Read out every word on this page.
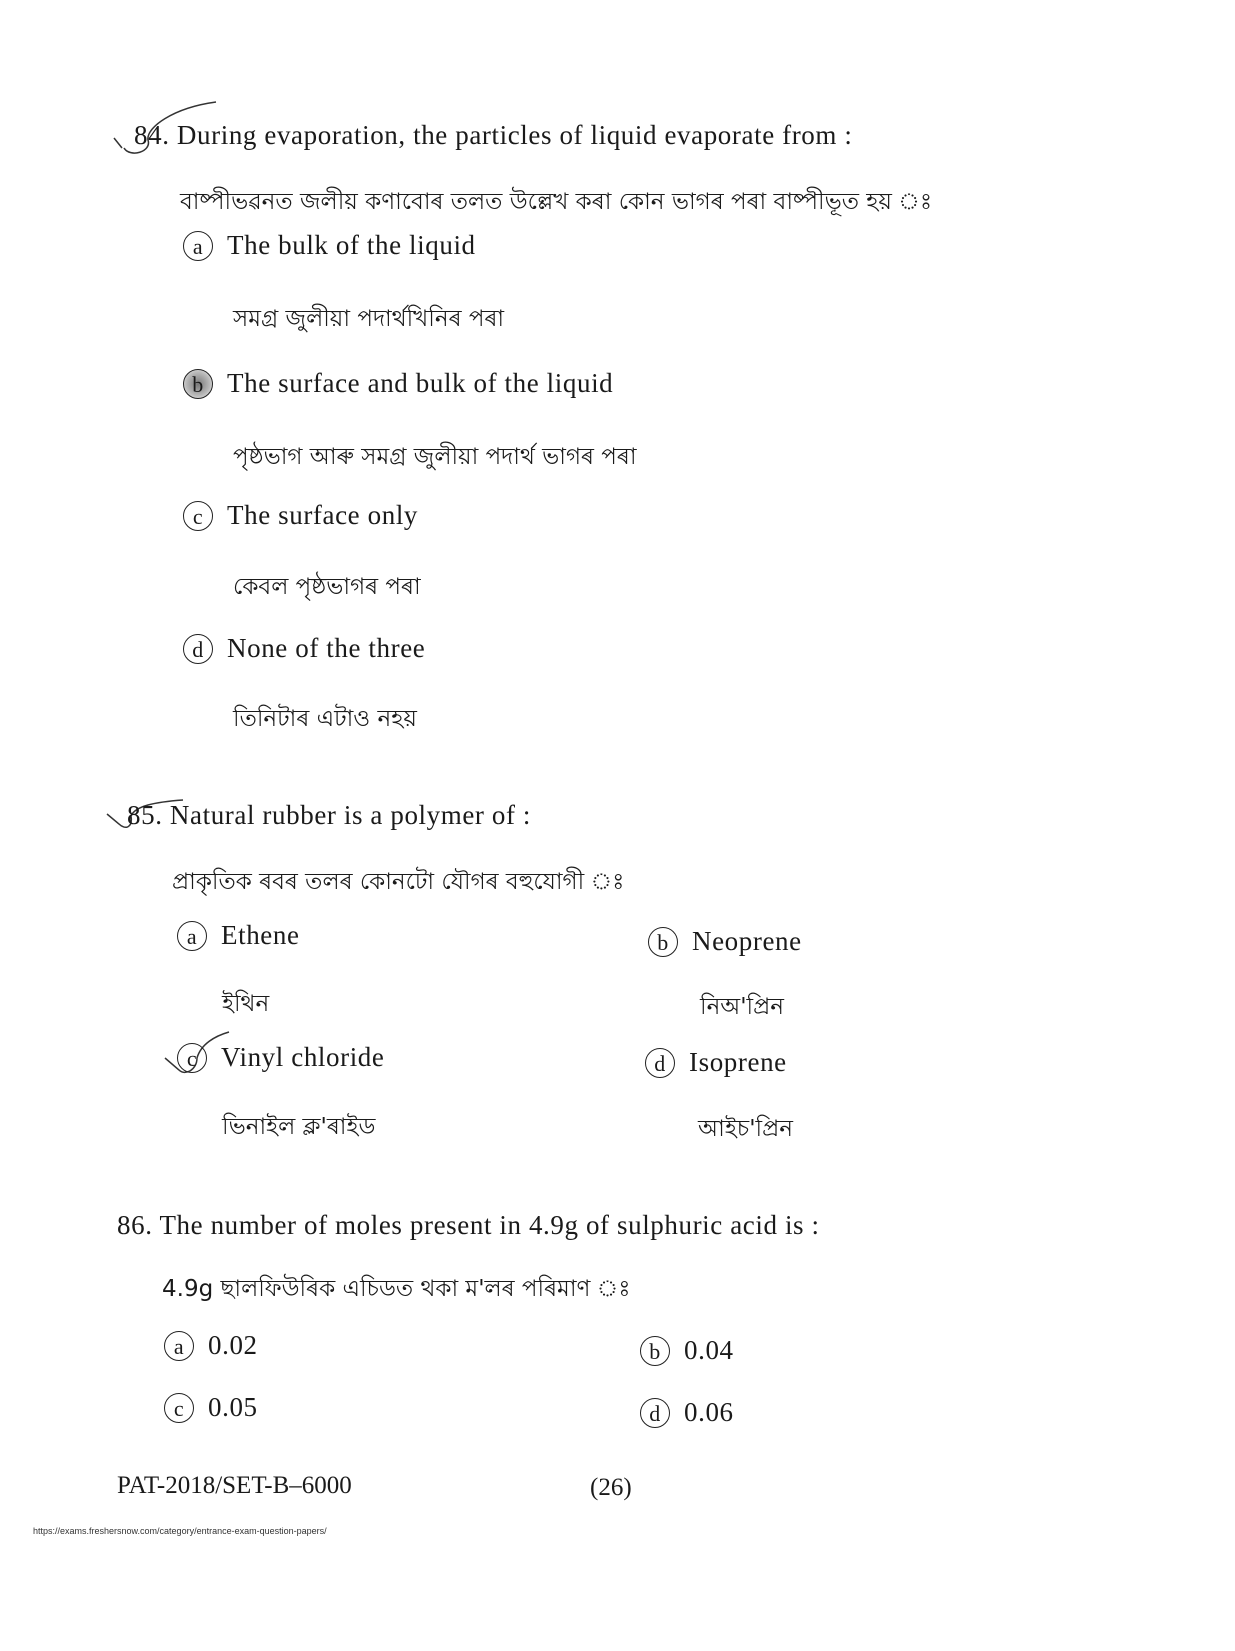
84. During evaporation, the particles of liquid evaporate from :
বাষ্পীভৱনত জলীয় কণাবোৰ তলত উল্লেখ কৰা কোন ভাগৰ পৰা বাষ্পীভূত হয় ঃ
a The bulk of the liquid
সমগ্ৰ জুলীয়া পদাৰ্থখিনিৰ পৰা
b The surface and bulk of the liquid
পৃষ্ঠভাগ আৰু সমগ্ৰ জুলীয়া পদাৰ্থ ভাগৰ পৰা
c The surface only
কেবল পৃষ্ঠভাগৰ পৰা
d None of the three
তিনিটাৰ এটাও নহয়
85. Natural rubber is a polymer of :
প্ৰাকৃতিক ৰবৰ তলৰ কোনটো যৌগৰ বহুযোগী ঃ
a Ethene
ইথিন
b Neoprene
নিঅ'প্ৰিন
c Vinyl chloride
ভিনাইল ক্ল'ৰাইড
d Isoprene
আইচ'প্ৰিন
86. The number of moles present in 4.9g of sulphuric acid is :
4.9g ছালফিউৰিক এচিডত থকা ম'লৰ পৰিমাণ ঃ
a 0.02	b 0.04
c 0.05	d 0.06
PAT-2018/SET-B–6000	(26)
https://exams.freshersnow.com/category/entrance-exam-question-papers/
